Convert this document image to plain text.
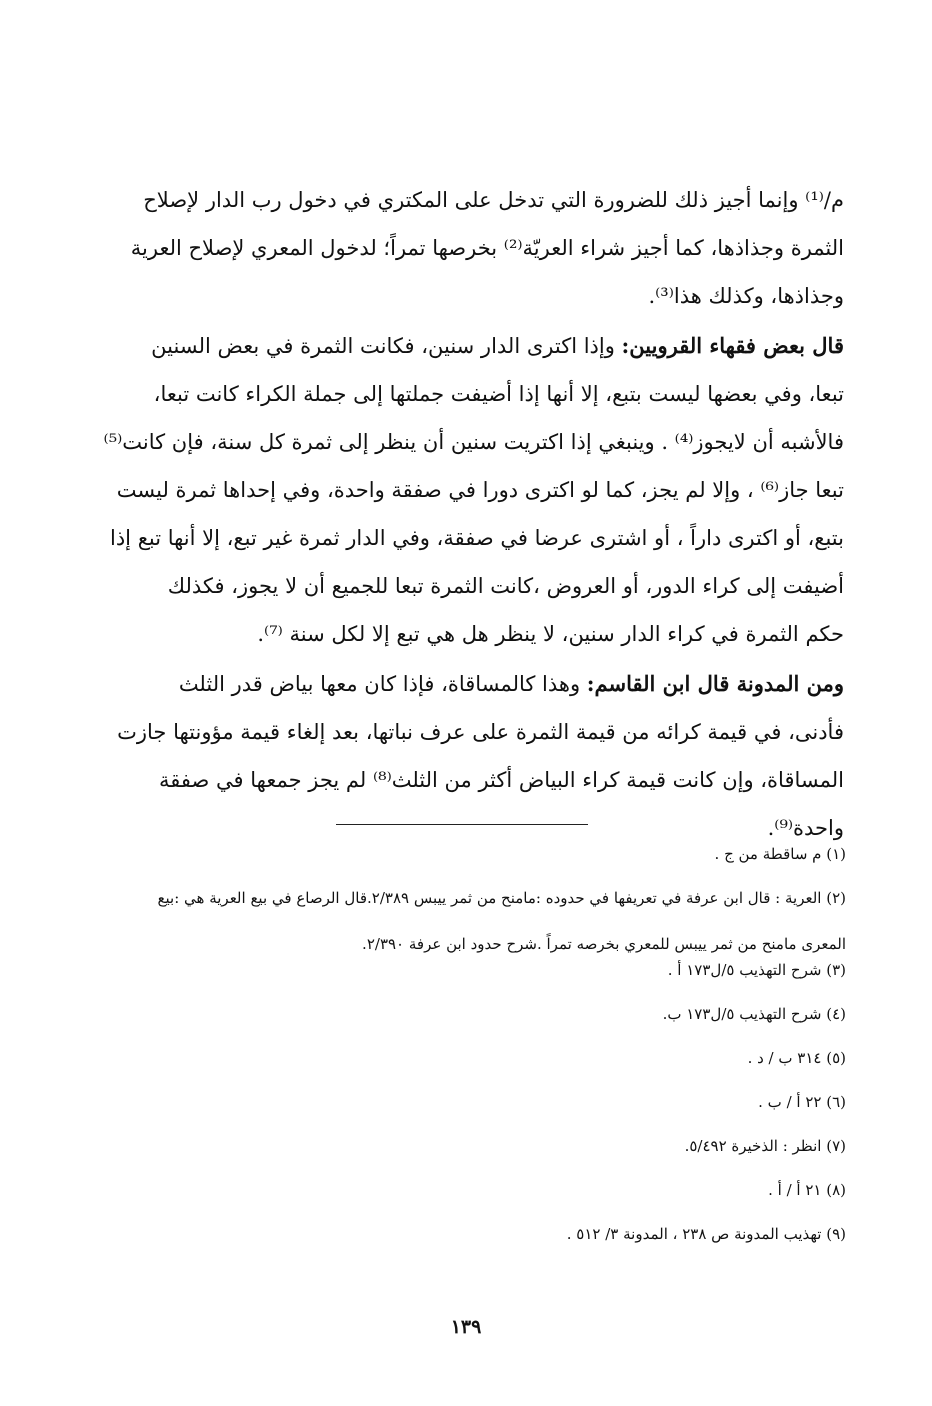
م/⁽¹⁾ وإنما أجيز ذلك للضرورة التي تدخل على المكتري في دخول رب الدار لإصلاح
الثمرة وجذاذها، كما أجيز شراء العريّة⁽²⁾ بخرصها تمراً؛ لدخول المعري لإصلاح العرية
وجذاذها، وكذلك هذا⁽³⁾.

قال بعض فقهاء القرويين: وإذا اكترى الدار سنين، فكانت الثمرة في بعض السنين
تبعا، وفي بعضها ليست بتبع، إلا أنها إذا أضيفت جملتها إلى جملة الكراء كانت تبعا،
فالأشبه أن لايجوز⁽⁴⁾ . وينبغي إذا اكتريت سنين أن ينظر إلى ثمرة كل سنة، فإن كانت⁽⁵⁾
تبعا جاز⁽⁶⁾ ، وإلا لم يجز، كما لو اكترى دورا في صفقة واحدة، وفي إحداها ثمرة ليست
بتبع، أو اكترى داراً ، أو اشترى عرضا في صفقة، وفي الدار ثمرة غير تبع، إلا أنها تبع إذا
أضيفت إلى كراء الدور، أو العروض ،كانت الثمرة تبعا للجميع أن لا يجوز، فكذلك
حكم الثمرة في كراء الدار سنين، لا ينظر هل هي تبع إلا لكل سنة ⁽⁷⁾.

ومن المدونة قال ابن القاسم: وهذا كالمساقاة، فإذا كان معها بياض قدر الثلث
فأدنى، في قيمة كرائه من قيمة الثمرة على عرف نباتها، بعد إلغاء قيمة مؤونتها جازت
المساقاة، وإن كانت قيمة كراء البياض أكثر من الثلث⁽⁸⁾ لم يجز جمعها في صفقة
واحدة⁽⁹⁾.

(١) م ساقطة من ج .
(٢) العرية : قال ابن عرفة في تعريفها في حدوده :مامنح من ثمر ييبس ٢/٣٨٩.قال الرصاع في بيع العرية هي :بيع
المعرى مامنح من ثمر ييبس للمعري بخرصه تمراً .شرح حدود ابن عرفة ٢/٣٩٠.
(٣) شرح التهذيب ٥/ل١٧٣ أ .
(٤) شرح التهذيب ٥/ل١٧٣ ب.
(٥) ٣١٤ ب / د .
(٦) ٢٢ أ / ب .
(٧) انظر : الذخيرة ٥/٤٩٢.
(٨) ٢١ أ / أ .
(٩) تهذيب المدونة ص ٢٣٨ ، المدونة ٣/ ٥١٢ .
١٣٩
